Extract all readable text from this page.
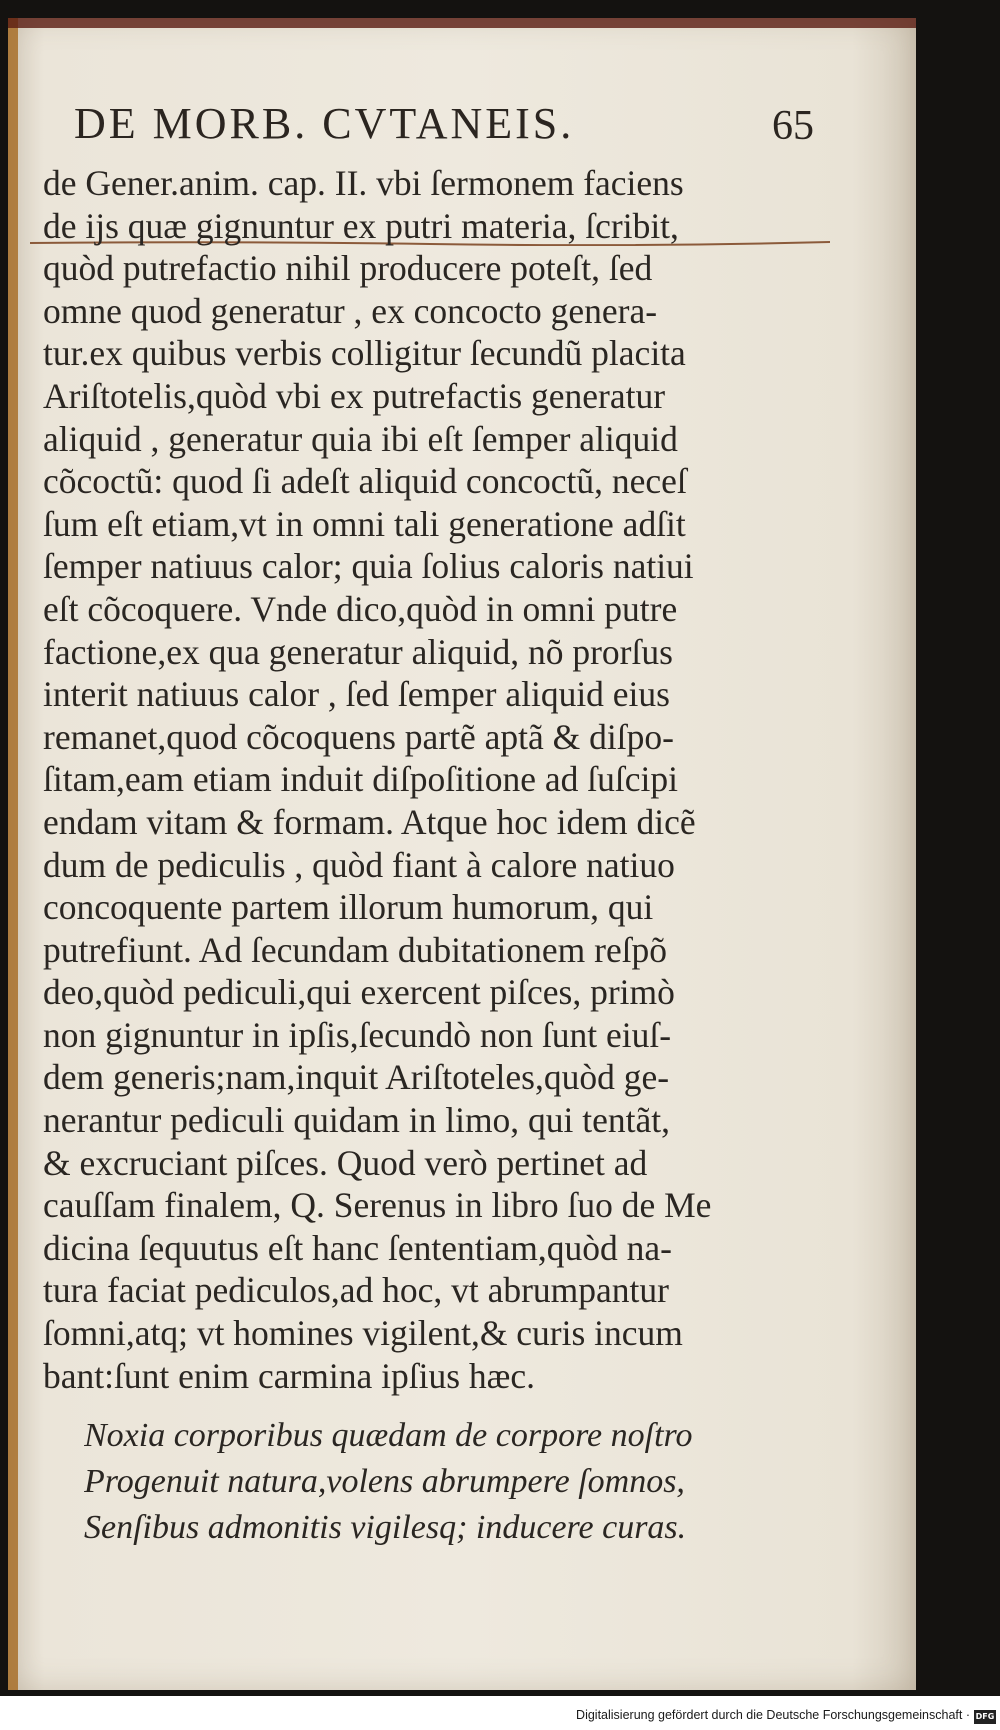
DE MORB. CVTANEIS.	65
de Gener.anim. cap. II. vbi ſermonem faciens
de ijs quæ gignuntur ex putri materia, ſcribit,
quòd putrefactio nihil producere poteſt, ſed
omne quod generatur , ex concocto genera-
tur.ex quibus verbis colligitur ſecundũ placita
Ariſtotelis,quòd vbi ex putrefactis generatur
aliquid , generatur quia ibi eſt ſemper aliquid
cõcoctũ: quod ſi adeſt aliquid concoctũ, neceſ
ſum eſt etiam,vt in omni tali generatione adſit
ſemper natiuus calor; quia ſolius caloris natiui
eſt cõcoquere. Vnde dico,quòd in omni putre
factione,ex qua generatur aliquid, nõ prorſus
interit natiuus calor , ſed ſemper aliquid eius
remanet,quod cõcoquens partẽ aptã & diſpo-
ſitam,eam etiam induit diſpoſitione ad ſuſcipi
endam vitam & formam. Atque hoc idem dicẽ
dum de pediculis , quòd fiant à calore natiuo
concoquente partem illorum humorum, qui
putrefiunt. Ad ſecundam dubitationem reſpõ
deo,quòd pediculi,qui exercent piſces, primò
non gignuntur in ipſis,ſecundò non ſunt eiuſ-
dem generis;nam,inquit Ariſtoteles,quòd ge-
nerantur pediculi quidam in limo, qui tentãt,
& excruciant piſces. Quod verò pertinet ad
cauſſam finalem, Q. Serenus in libro ſuo de Me
dicina ſequutus eſt hanc ſententiam,quòd na-
tura faciat pediculos,ad hoc, vt abrumpantur
ſomni,atq; vt homines vigilent,& curis incum
bant:ſunt enim carmina ipſius hæc.
Noxia corporibus quædam de corpore noſtro
Progenuit natura,volens abrumpere ſomnos,
Senſibus admonitis vigilesq; inducere curas.
Digitalisierung gefördert durch die Deutsche Forschungsgemeinschaft · DFG
